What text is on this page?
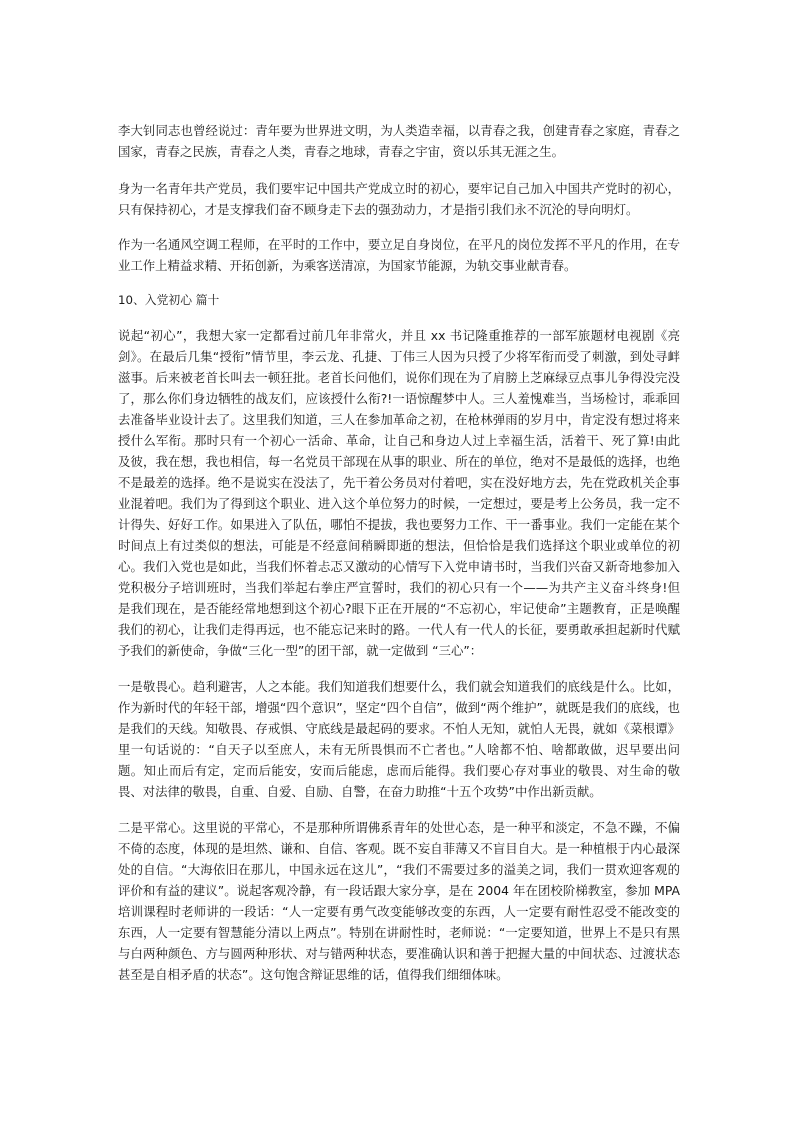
李大钊同志也曾经说过：青年要为世界进文明，为人类造幸福，以青春之我，创建青春之家庭，青春之国家，青春之民族，青春之人类，青春之地球，青春之宇宙，资以乐其无涯之生。

身为一名青年共产党员，我们要牢记中国共产党成立时的初心，要牢记自己加入中国共产党时的初心，只有保持初心，才是支撑我们奋不顾身走下去的强劲动力，才是指引我们永不沉沦的导向明灯。

作为一名通风空调工程师，在平时的工作中，要立足自身岗位，在平凡的岗位发挥不平凡的作用，在专业工作上精益求精、开拓创新，为乘客送清凉，为国家节能源，为轨交事业献青春。

10、入党初心 篇十

说起“初心”，我想大家一定都看过前几年非常火，并且 xx 书记隆重推荐的一部军旅题材电视剧《亮剑》。在最后几集“授衔”情节里，李云龙、孔捷、丁伟三人因为只授了少将军衔而受了刺激，到处寻衅滋事。后来被老首长叫去一顿狂批。老首长问他们，说你们现在为了肩膀上芝麻绿豆点事儿争得没完没了，那么你们身边牺牲的战友们，应该授什么衔?!一语惊醒梦中人。三人羞愧难当，当场检讨，乖乖回去准备毕业设计去了。这里我们知道，三人在参加革命之初，在枪林弹雨的岁月中，肯定没有想过将来授什么军衔。那时只有一个初心一活命、革命，让自己和身边人过上幸福生活，活着干、死了算!由此及彼，我在想，我也相信，每一名党员干部现在从事的职业、所在的单位，绝对不是最低的选择，也绝不是最差的选择。绝不是说实在没法了，先干着公务员对付着吧，实在没好地方去，先在党政机关企事业混着吧。我们为了得到这个职业、进入这个单位努力的时候，一定想过，要是考上公务员，我一定不计得失、好好工作。如果进入了队伍，哪怕不提拔，我也要努力工作、干一番事业。我们一定能在某个时间点上有过类似的想法，可能是不经意间稍瞬即逝的想法，但恰恰是我们选择这个职业或单位的初心。我们入党也是如此，当我们怀着忐忑又激动的心情写下入党申请书时，当我们兴奋又新奇地参加入党积极分子培训班时，当我们举起右拳庄严宣誓时，我们的初心只有一个——为共产主义奋斗终身!但是我们现在，是否能经常地想到这个初心?眼下正在开展的“不忘初心，牢记使命”主题教育，正是唤醒我们的初心，让我们走得再远，也不能忘记来时的路。一代人有一代人的长征，要勇敢承担起新时代赋予我们的新使命，争做“三化一型”的团干部，就一定做到 “三心”：

一是敬畏心。趋利避害，人之本能。我们知道我们想要什么，我们就会知道我们的底线是什么。比如，作为新时代的年轻干部，增强“四个意识”，坚定“四个自信”，做到“两个维护”，就既是我们的底线，也是我们的天线。知敬畏、存戒惧、守底线是最起码的要求。不怕人无知，就怕人无畏，就如《菜根谭》里一句话说的：“自天子以至庶人，未有无所畏惧而不亡者也。”人啥都不怕、啥都敢做，迟早要出问题。知止而后有定，定而后能安，安而后能虑，虑而后能得。我们要心存对事业的敬畏、对生命的敬畏、对法律的敬畏，自重、自爱、自励、自警，在奋力助推“十五个攻势”中作出新贡献。

二是平常心。这里说的平常心，不是那种所谓佛系青年的处世心态，是一种平和淡定，不急不躁，不偏不倚的态度，体现的是坦然、谦和、自信、客观。既不妄自菲薄又不盲目自大。是一种植根于内心最深处的自信。“大海依旧在那儿，中国永远在这儿”，“我们不需要过多的溢美之词，我们一贯欢迎客观的评价和有益的建议”。说起客观冷静，有一段话跟大家分享，是在 2004 年在团校阶梯教室，参加 MPA 培训课程时老师讲的一段话：“人一定要有勇气改变能够改变的东西，人一定要有耐性忍受不能改变的东西，人一定要有智慧能分清以上两点”。特别在讲耐性时，老师说：“一定要知道，世界上不是只有黑与白两种颜色、方与圆两种形状、对与错两种状态，要准确认识和善于把握大量的中间状态、过渡状态甚至是自相矛盾的状态”。这句饱含辩证思维的话，值得我们细细体味。
